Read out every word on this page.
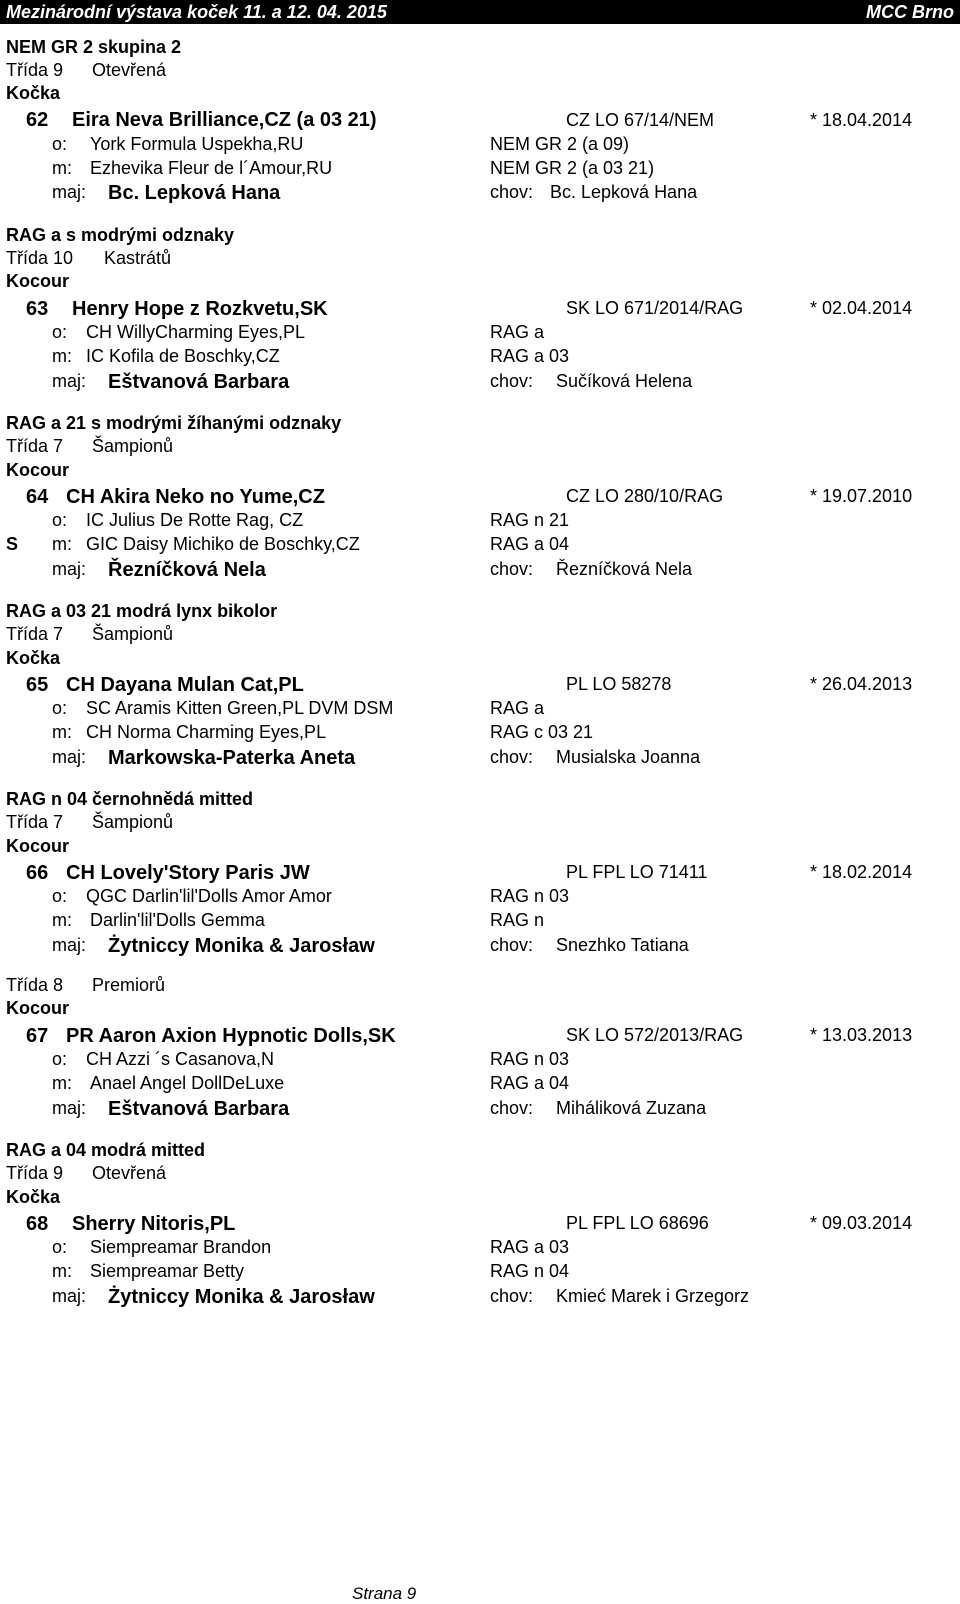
Mezinárodní výstava koček 11. a 12. 04. 2015	MCC Brno
NEM GR 2 skupina 2
Třída 9 Otevřená
Kočka
62 Eira Neva Brilliance,CZ (a 03 21)	CZ LO 67/14/NEM	* 18.04.2014
o: York Formula Uspekha,RU	NEM GR 2 (a 09)
m: Ezhevika Fleur de l´Amour,RU	NEM GR 2 (a 03 21)
maj: Bc. Lepková Hana	chov: Bc. Lepková Hana
RAG a s modrými odznaky
Třída 10 Kastrátů
Kocour
63 Henry Hope z Rozkvetu,SK	SK LO 671/2014/RAG	* 02.04.2014
o: CH WillyCharming Eyes,PL	RAG a
m: IC Kofila de Boschky,CZ	RAG a 03
maj: Eštvanová Barbara	chov: Sučíková Helena
RAG a 21 s modrými žíhanými odznaky
Třída 7 Šampionů
Kocour
64 CH Akira Neko no Yume,CZ	CZ LO 280/10/RAG	* 19.07.2010
o: IC Julius De Rotte Rag, CZ	RAG n 21
S m: GIC Daisy Michiko de Boschky,CZ	RAG a 04
maj: Řezníčková Nela	chov: Řezníčková Nela
RAG a 03 21 modrá lynx bikolor
Třída 7 Šampionů
Kočka
65 CH Dayana Mulan Cat,PL	PL LO 58278	* 26.04.2013
o: SC Aramis Kitten Green,PL DVM DSM	RAG a
m: CH Norma Charming Eyes,PL	RAG c 03 21
maj: Markowska-Paterka Aneta	chov: Musialska Joanna
RAG n 04 černohnědá mitted
Třída 7 Šampionů
Kocour
66 CH Lovely'Story Paris JW	PL FPL LO 71411	* 18.02.2014
o: QGC Darlin'lil'Dolls Amor Amor	RAG n 03
m: Darlin'lil'Dolls Gemma	RAG n
maj: Żytniccy Monika & Jarosław	chov: Snezhko Tatiana
Třída 8 Premiorů
Kocour
67 PR Aaron Axion Hypnotic Dolls,SK	SK LO 572/2013/RAG	* 13.03.2013
o: CH Azzi ´s Casanova,N	RAG n 03
m: Anael Angel DollDeLuxe	RAG a 04
maj: Eštvanová Barbara	chov: Miháliková Zuzana
RAG a 04 modrá mitted
Třída 9 Otevřená
Kočka
68 Sherry Nitoris,PL	PL FPL LO 68696	* 09.03.2014
o: Siempreamar Brandon	RAG a 03
m: Siempreamar Betty	RAG n 04
maj: Żytniccy Monika & Jarosław	chov: Kmieć Marek i Grzegorz
Strana 9
